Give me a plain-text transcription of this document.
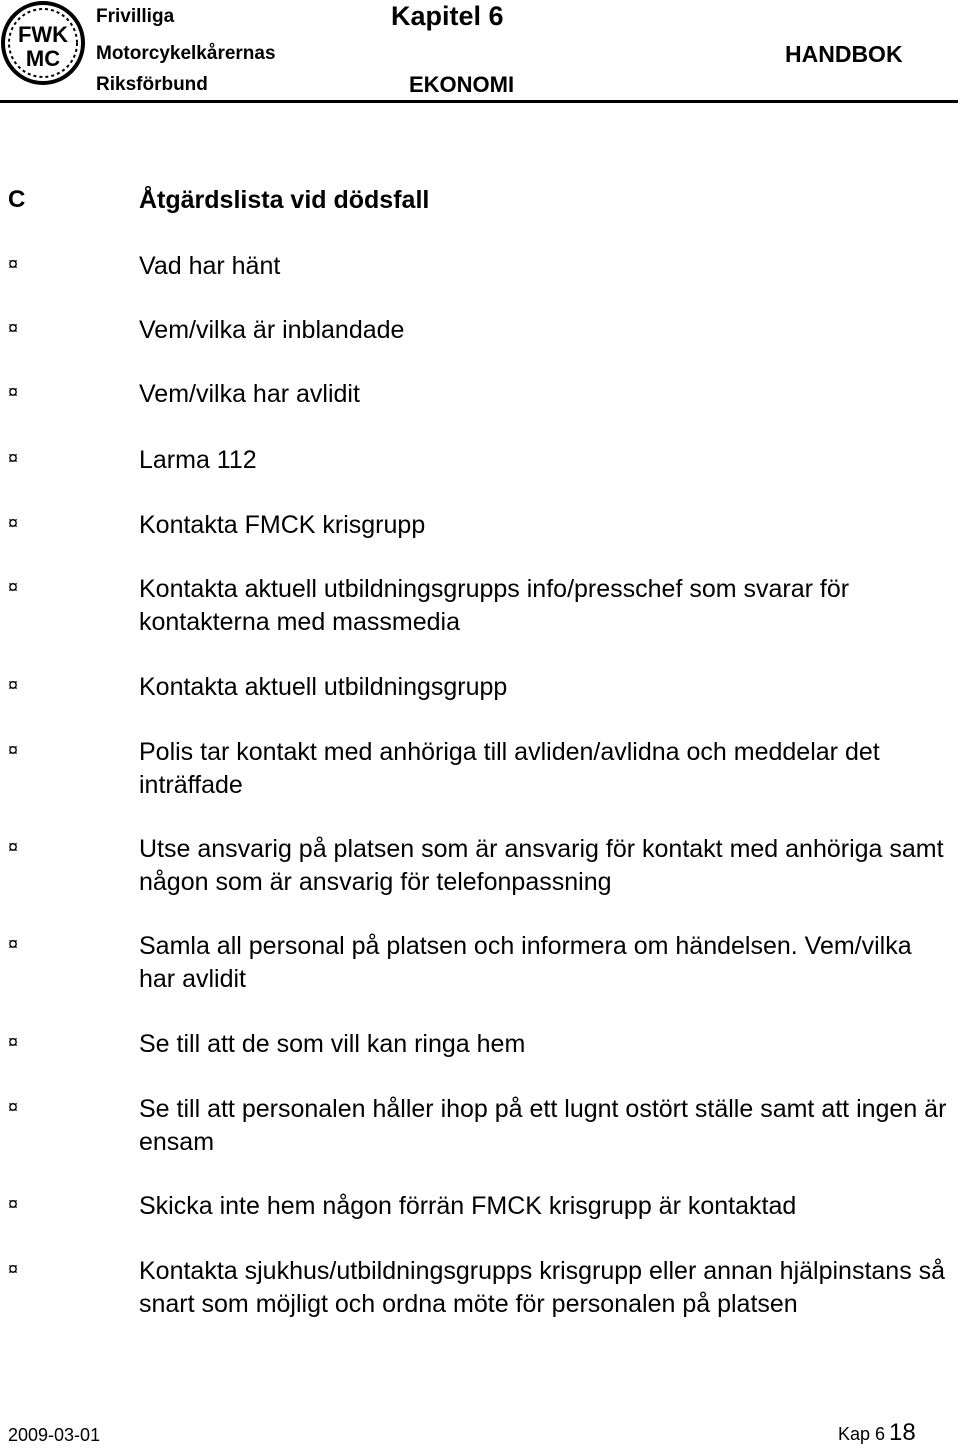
FWK
MC
Frivilliga
Motorcykelkårernas
Riksförbund
Kapitel 6
HANDBOK
EKONOMI
C	Åtgärdslista vid dödsfall
¤	Vad har hänt
¤	Vem/vilka är inblandade
¤	Vem/vilka har avlidit
¤	Larma 112
¤	Kontakta FMCK krisgrupp
¤	Kontakta aktuell utbildningsgrupps info/presschef som svarar för kontakterna med massmedia
¤	Kontakta aktuell utbildningsgrupp
¤	Polis tar kontakt med anhöriga till avliden/avlidna och meddelar det inträffade
¤	Utse ansvarig på platsen som är ansvarig för kontakt med anhöriga samt någon som är ansvarig för telefonpassning
¤	Samla all personal på platsen och informera om händelsen. Vem/vilka har avlidit
¤	Se till att de som vill kan ringa hem
¤	Se till att personalen håller ihop på ett lugnt ostört ställe samt att ingen är ensam
¤	Skicka inte hem någon förrän FMCK krisgrupp är kontaktad
¤	Kontakta sjukhus/utbildningsgrupps krisgrupp eller annan hjälpinstans så snart som möjligt och ordna möte för personalen på platsen
2009-03-01	Kap 6 18
